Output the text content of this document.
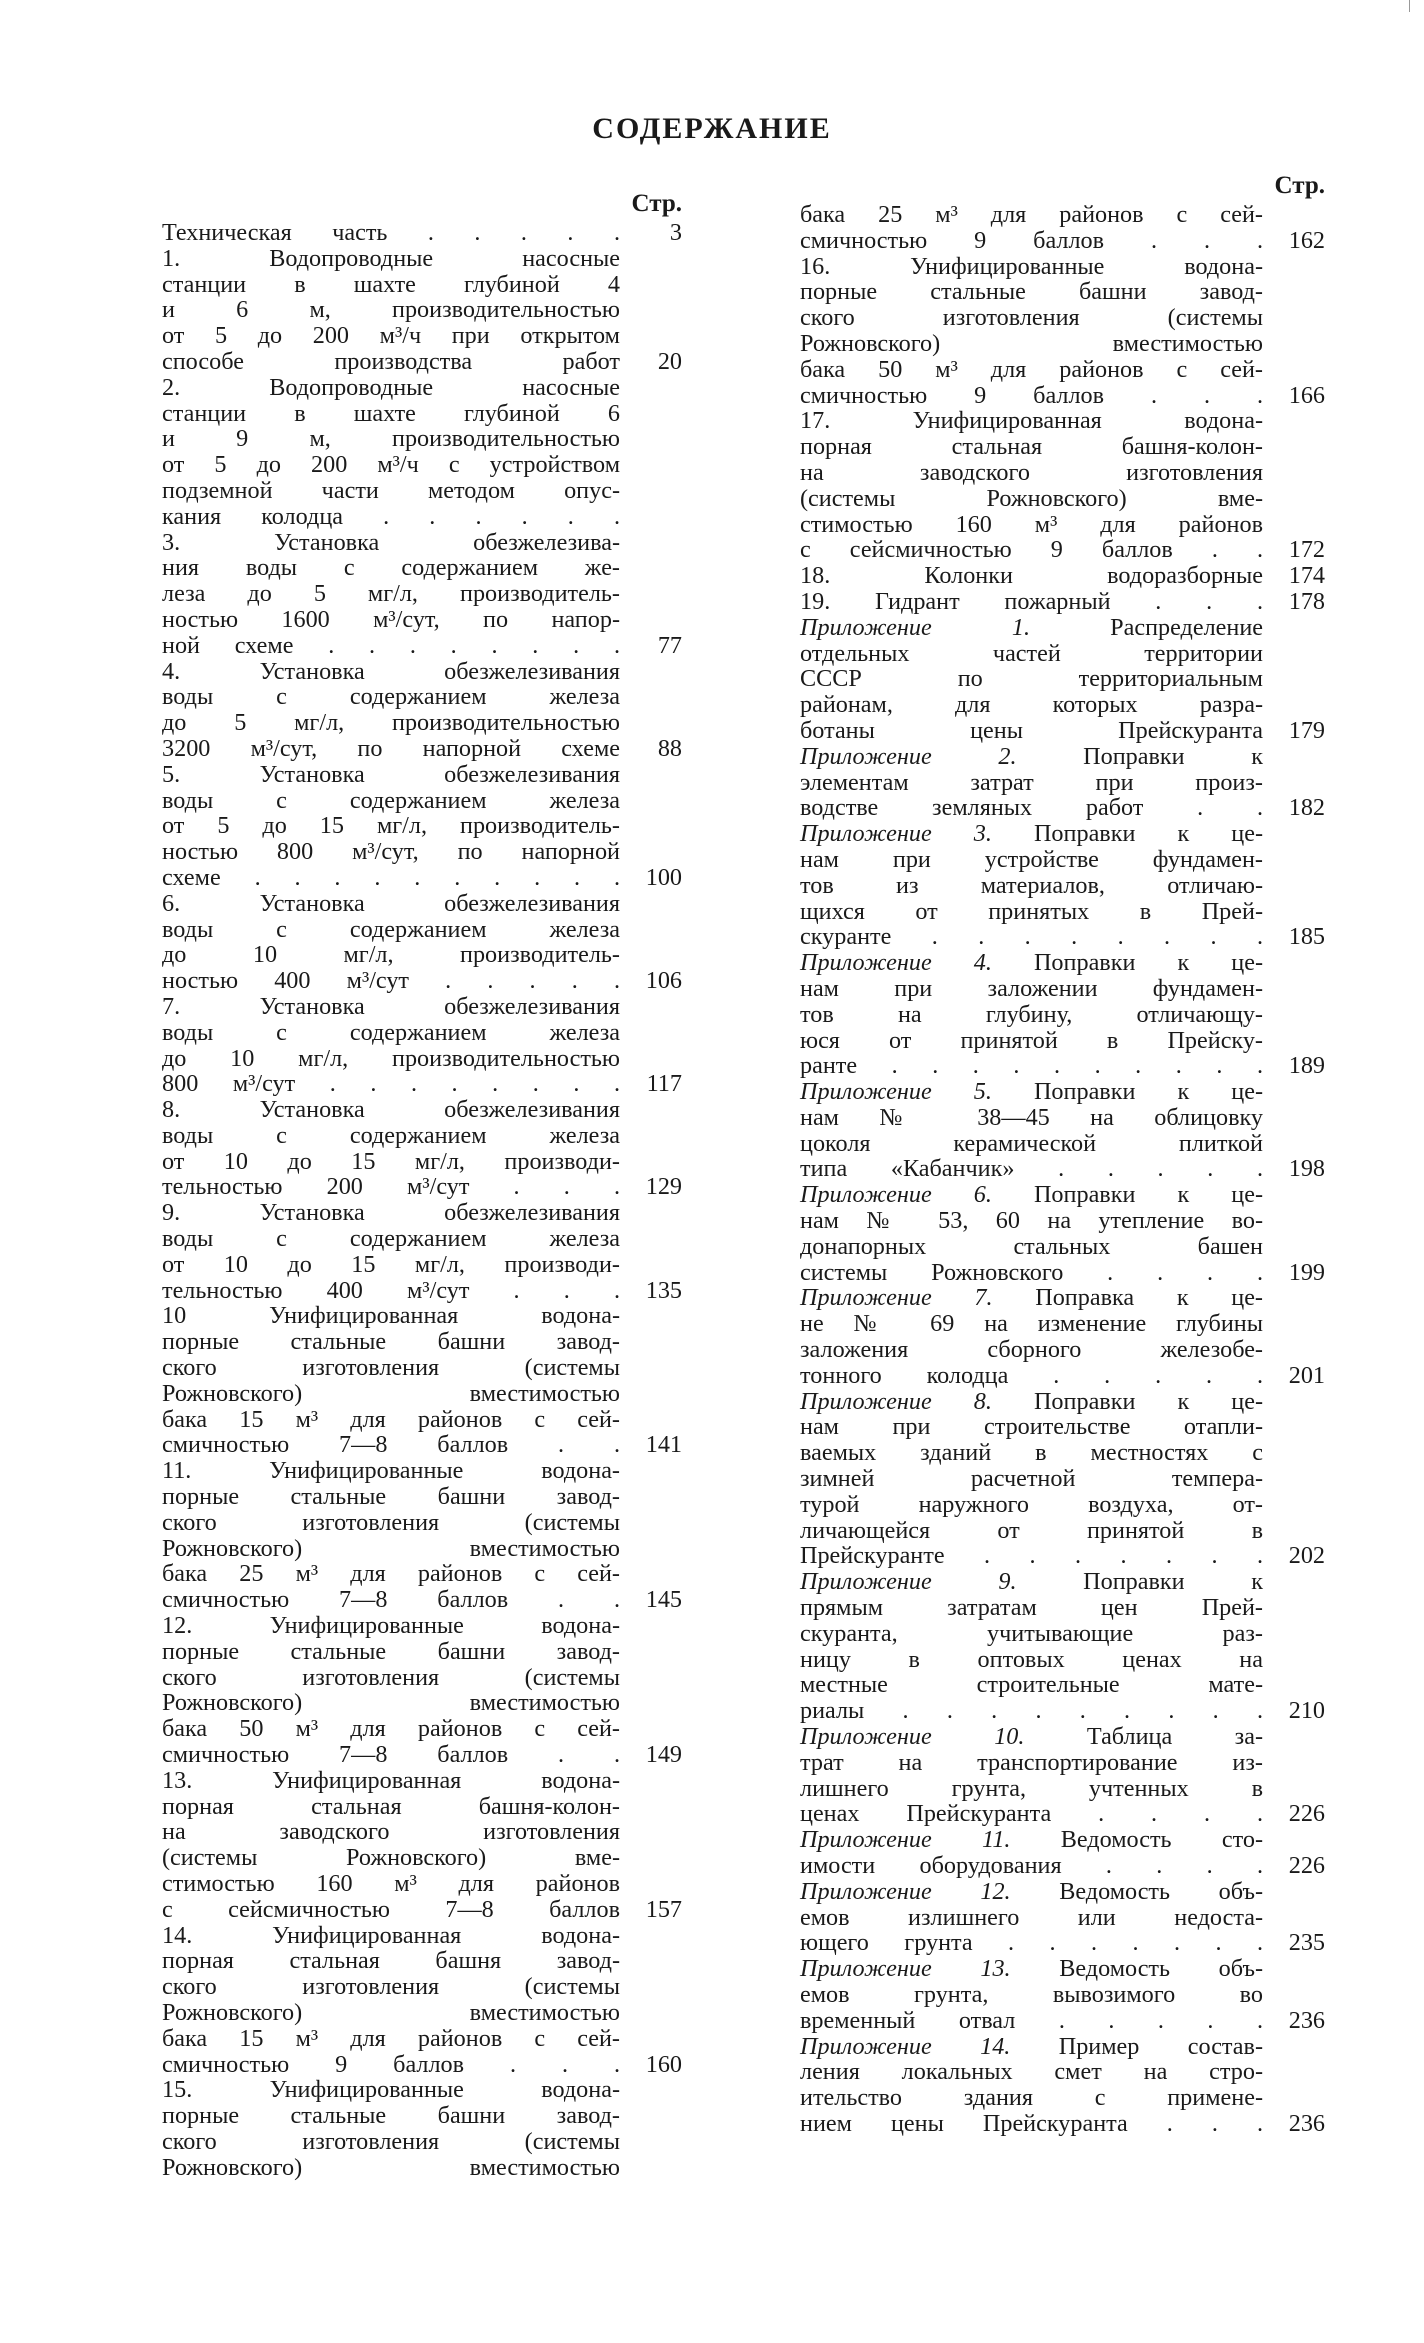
СОДЕРЖАНИЕ
Стр.
Техническая часть . . . . .	3
1. Водопроводные насосные
станции в шахте глубиной 4
и 6 м, производительностью
от 5 до 200 м³/ч при открытом
способе производства работ	20
2. Водопроводные насосные
станции в шахте глубиной 6
и 9 м, производительностью
от 5 до 200 м³/ч с устройством
подземной части методом опус-
кания колодца . . . . . .
3. Установка обезжелезива-
ния воды с содержанием же-
леза до 5 мг/л, производитель-
ностью 1600 м³/сут, по напор-
ной схеме . . . . . . . .	77
4. Установка обезжелезивания
воды с содержанием железа
до 5 мг/л, производительностью
3200 м³/сут, по напорной схеме	88
5. Установка обезжелезивания
воды с содержанием железа
от 5 до 15 мг/л, производитель-
ностью 800 м³/сут, по напорной
схеме . . . . . . . . . .	100
6. Установка обезжелезивания
воды с содержанием железа
до 10 мг/л, производитель-
ностью 400 м³/сут . . . . .	106
7. Установка обезжелезивания
воды с содержанием железа
до 10 мг/л, производительностью
800 м³/сут . . . . . . . .	117
8. Установка обезжелезивания
воды с содержанием железа
от 10 до 15 мг/л, производи-
тельностью 200 м³/сут . . .	129
9. Установка обезжелезивания
воды с содержанием железа
от 10 до 15 мг/л, производи-
тельностью 400 м³/сут . . .	135
10 Унифицированная водона-
порные стальные башни завод-
ского изготовления (системы
Рожновского) вместимостью
бака 15 м³ для районов с сей-
смичностью 7—8 баллов . .	141
11. Унифицированные водона-
порные стальные башни завод-
ского изготовления (системы
Рожновского) вместимостью
бака 25 м³ для районов с сей-
смичностью 7—8 баллов . .	145
12. Унифицированные водона-
порные стальные башни завод-
ского изготовления (системы
Рожновского) вместимостью
бака 50 м³ для районов с сей-
смичностью 7—8 баллов . .	149
13. Унифицированная водона-
порная стальная башня-колон-
на заводского изготовления
(системы Рожновского) вме-
стимостью 160 м³ для районов
с сейсмичностью 7—8 баллов	157
14. Унифицированная водона-
порная стальная башня завод-
ского изготовления (системы
Рожновского) вместимостью
бака 15 м³ для районов с сей-
смичностью 9 баллов . . .	160
15. Унифицированные водона-
порные стальные башни завод-
ского изготовления (системы
Рожновского) вместимостью
Стр.
бака 25 м³ для районов с сей-
смичностью 9 баллов . . .	162
16. Унифицированные водона-
порные стальные башни завод-
ского изготовления (системы
Рожновского) вместимостью
бака 50 м³ для районов с сей-
смичностью 9 баллов . . .	166
17. Унифицированная водона-
порная стальная башня-колон-
на заводского изготовления
(системы Рожновского) вме-
стимостью 160 м³ для районов
с сейсмичностью 9 баллов . .	172
18. Колонки водоразборные	174
19. Гидрант пожарный . . .	178
Приложение 1. Распределение
отдельных частей территории
СССР по территориальным
районам, для которых разра-
ботаны цены Прейскуранта	179
Приложение 2. Поправки к
элементам затрат при произ-
водстве земляных работ . .	182
Приложение 3. Поправки к це-
нам при устройстве фундамен-
тов из материалов, отличаю-
щихся от принятых в Прей-
скуранте . . . . . . . .	185
Приложение 4. Поправки к це-
нам при заложении фундамен-
тов на глубину, отличающу-
юся от принятой в Прейску-
ранте . . . . . . . . . .	189
Приложение 5. Поправки к це-
нам № 38—45 на облицовку
цоколя керамической плиткой
типа «Кабанчик» . . . . .	198
Приложение 6. Поправки к це-
нам № 53, 60 на утепление во-
донапорных стальных башен
системы Рожновского . . . .	199
Приложение 7. Поправка к це-
не № 69 на изменение глубины
заложения сборного железобе-
тонного колодца . . . . .	201
Приложение 8. Поправки к це-
нам при строительстве отапли-
ваемых зданий в местностях с
зимней расчетной темпера-
турой наружного воздуха, от-
личающейся от принятой в
Прейскуранте . . . . . . .	202
Приложение 9. Поправки к
прямым затратам цен Прей-
скуранта, учитывающие раз-
ницу в оптовых ценах на
местные строительные мате-
риалы . . . . . . . . .	210
Приложение 10. Таблица за-
трат на транспортирование из-
лишнего грунта, учтенных в
ценах Прейскуранта . . . .	226
Приложение 11. Ведомость сто-
имости оборудования . . . .	226
Приложение 12. Ведомость объ-
емов излишнего или недоста-
ющего грунта . . . . . . .	235
Приложение 13. Ведомость объ-
емов грунта, вывозимого во
временный отвал . . . . .	236
Приложение 14. Пример состав-
ления локальных смет на стро-
ительство здания с примене-
нием цены Прейскуранта . . .	236
